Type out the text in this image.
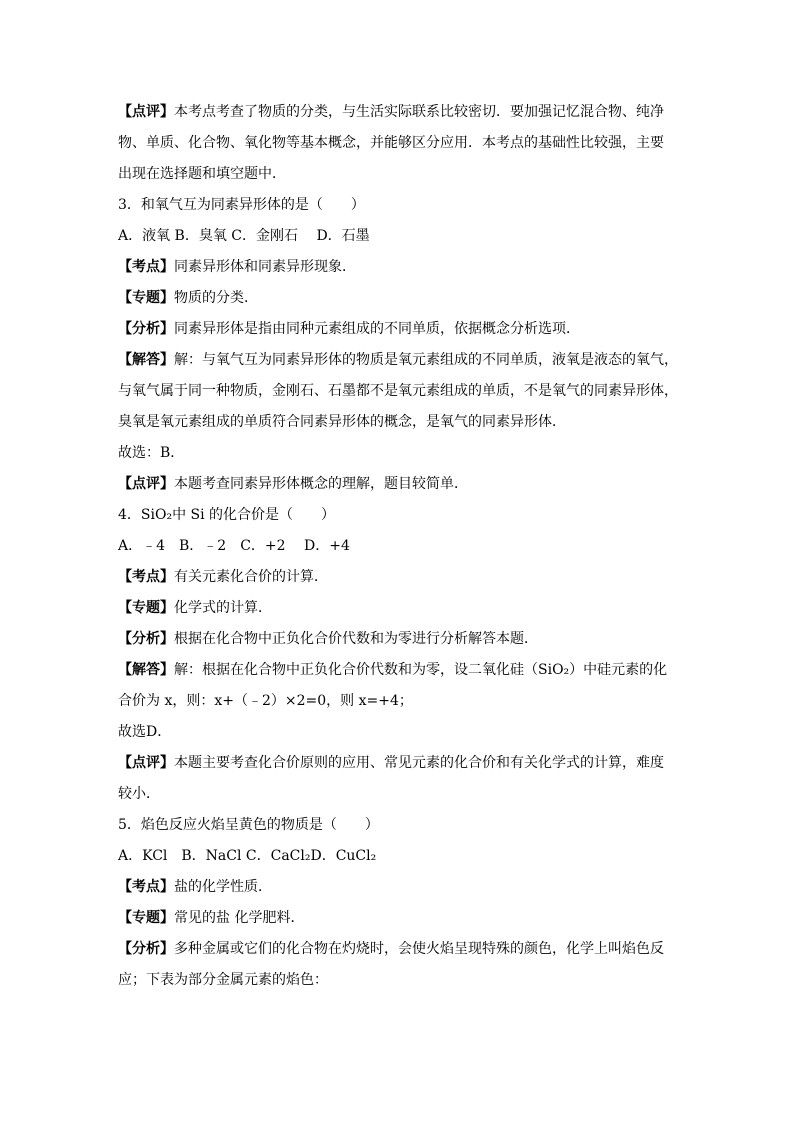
【点评】本考点考查了物质的分类，与生活实际联系比较密切．要加强记忆混合物、纯净
物、单质、化合物、氧化物等基本概念，并能够区分应用．本考点的基础性比较强，主要
出现在选择题和填空题中．
3．和氧气互为同素异形体的是（　　）
A．液氧 B．臭氧 C．金刚石　 D．石墨
【考点】同素异形体和同素异形现象．
【专题】物质的分类．
【分析】同素异形体是指由同种元素组成的不同单质，依据概念分析选项．
【解答】解：与氧气互为同素异形体的物质是氧元素组成的不同单质，液氧是液态的氧气，
与氧气属于同一种物质，金刚石、石墨都不是氧元素组成的单质，不是氧气的同素异形体，
臭氧是氧元素组成的单质符合同素异形体的概念，是氧气的同素异形体．
故选：B．
【点评】本题考查同素异形体概念的理解，题目较简单．
4．SiO₂中 Si 的化合价是（　　）
A．﹣4　B．﹣2　C．+2　 D．+4
【考点】有关元素化合价的计算．
【专题】化学式的计算．
【分析】根据在化合物中正负化合价代数和为零进行分析解答本题．
【解答】解：根据在化合物中正负化合价代数和为零，设二氧化硅（SiO₂）中硅元素的化
合价为 x，则：x+（﹣2）×2=0，则 x=+4；
故选D．
【点评】本题主要考查化合价原则的应用、常见元素的化合价和有关化学式的计算，难度
较小．
5．焰色反应火焰呈黄色的物质是（　　）
A．KCl　B．NaCl C．CaCl₂D．CuCl₂
【考点】盐的化学性质．
【专题】常见的盐 化学肥料．
【分析】多种金属或它们的化合物在灼烧时，会使火焰呈现特殊的颜色，化学上叫焰色反
应；下表为部分金属元素的焰色：
